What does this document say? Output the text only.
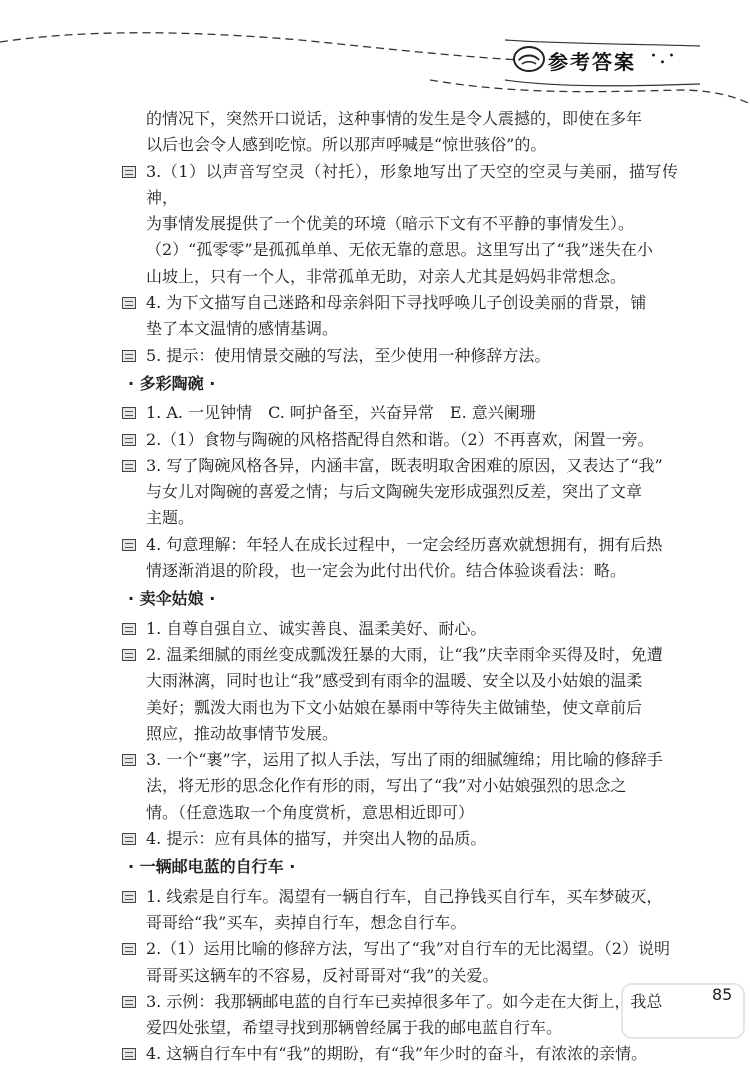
参考答案 ·.·
的情况下，突然开口说话，这种事情的发生是令人震撼的，即使在多年
以后也会令人感到吃惊。所以那声呼喊是“惊世骇俗”的。
3.（1）以声音写空灵（衬托），形象地写出了天空的空灵与美丽，描写传神，
为事情发展提供了一个优美的环境（暗示下文有不平静的事情发生）。
（2）“孤零零”是孤孤单单、无依无靠的意思。这里写出了“我”迷失在小
山坡上，只有一个人，非常孤单无助，对亲人尤其是妈妈非常想念。
4. 为下文描写自己迷路和母亲斜阳下寻找呼唤儿子创设美丽的背景，铺
垫了本文温情的感情基调。
5. 提示：使用情景交融的写法，至少使用一种修辞方法。
· 多彩陶碗 ·
1. A. 一见钟情　C. 呵护备至，兴奋异常　E. 意兴阑珊
2.（1）食物与陶碗的风格搭配得自然和谐。（2）不再喜欢，闲置一旁。
3. 写了陶碗风格各异，内涵丰富，既表明取舍困难的原因，又表达了“我”
与女儿对陶碗的喜爱之情；与后文陶碗失宠形成强烈反差，突出了文章
主题。
4. 句意理解：年轻人在成长过程中，一定会经历喜欢就想拥有，拥有后热
情逐渐消退的阶段，也一定会为此付出代价。结合体验谈看法：略。
· 卖伞姑娘 ·
1. 自尊自强自立、诚实善良、温柔美好、耐心。
2. 温柔细腻的雨丝变成瓢泼狂暴的大雨，让“我”庆幸雨伞买得及时，免遭
大雨淋漓，同时也让“我”感受到有雨伞的温暖、安全以及小姑娘的温柔
美好；瓢泼大雨也为下文小姑娘在暴雨中等待失主做铺垫，使文章前后
照应，推动故事情节发展。
3. 一个“裹”字，运用了拟人手法，写出了雨的细腻缠绵；用比喻的修辞手
法，将无形的思念化作有形的雨，写出了“我”对小姑娘强烈的思念之
情。（任意选取一个角度赏析，意思相近即可）
4. 提示：应有具体的描写，并突出人物的品质。
· 一辆邮电蓝的自行车 ·
1. 线索是自行车。渴望有一辆自行车，自己挣钱买自行车，买车梦破灭，
哥哥给“我”买车，卖掉自行车，想念自行车。
2.（1）运用比喻的修辞方法，写出了“我”对自行车的无比渴望。（2）说明
哥哥买这辆车的不容易，反衬哥哥对“我”的关爱。
3. 示例：我那辆邮电蓝的自行车已卖掉很多年了。如今走在大街上，我总
爱四处张望，希望寻找到那辆曾经属于我的邮电蓝自行车。
4. 这辆自行车中有“我”的期盼，有“我”年少时的奋斗，有浓浓的亲情。
85
